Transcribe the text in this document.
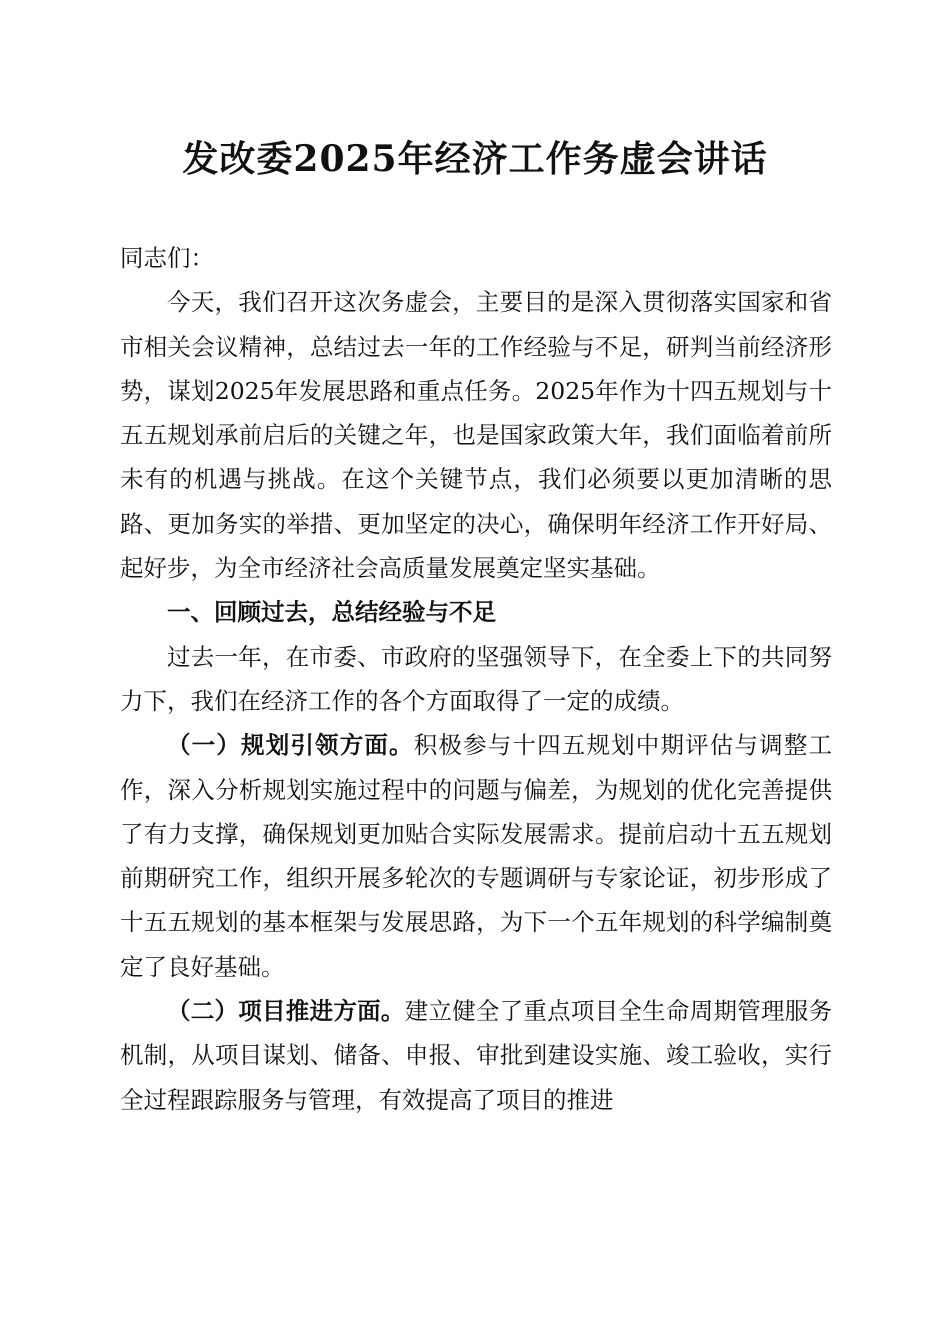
发改委2025年经济工作务虚会讲话

同志们：

今天，我们召开这次务虚会，主要目的是深入贯彻落实国家和省市相关会议精神，总结过去一年的工作经验与不足，研判当前经济形势，谋划2025年发展思路和重点任务。2025年作为十四五规划与十五五规划承前启后的关键之年，也是国家政策大年，我们面临着前所未有的机遇与挑战。在这个关键节点，我们必须要以更加清晰的思路、更加务实的举措、更加坚定的决心，确保明年经济工作开好局、起好步，为全市经济社会高质量发展奠定坚实基础。

一、回顾过去，总结经验与不足

过去一年，在市委、市政府的坚强领导下，在全委上下的共同努力下，我们在经济工作的各个方面取得了一定的成绩。

（一）规划引领方面。积极参与十四五规划中期评估与调整工作，深入分析规划实施过程中的问题与偏差，为规划的优化完善提供了有力支撑，确保规划更加贴合实际发展需求。提前启动十五五规划前期研究工作，组织开展多轮次的专题调研与专家论证，初步形成了十五五规划的基本框架与发展思路，为下一个五年规划的科学编制奠定了良好基础。

（二）项目推进方面。建立健全了重点项目全生命周期管理服务机制，从项目谋划、储备、申报、审批到建设实施、竣工验收，实行全过程跟踪服务与管理，有效提高了项目的推进
